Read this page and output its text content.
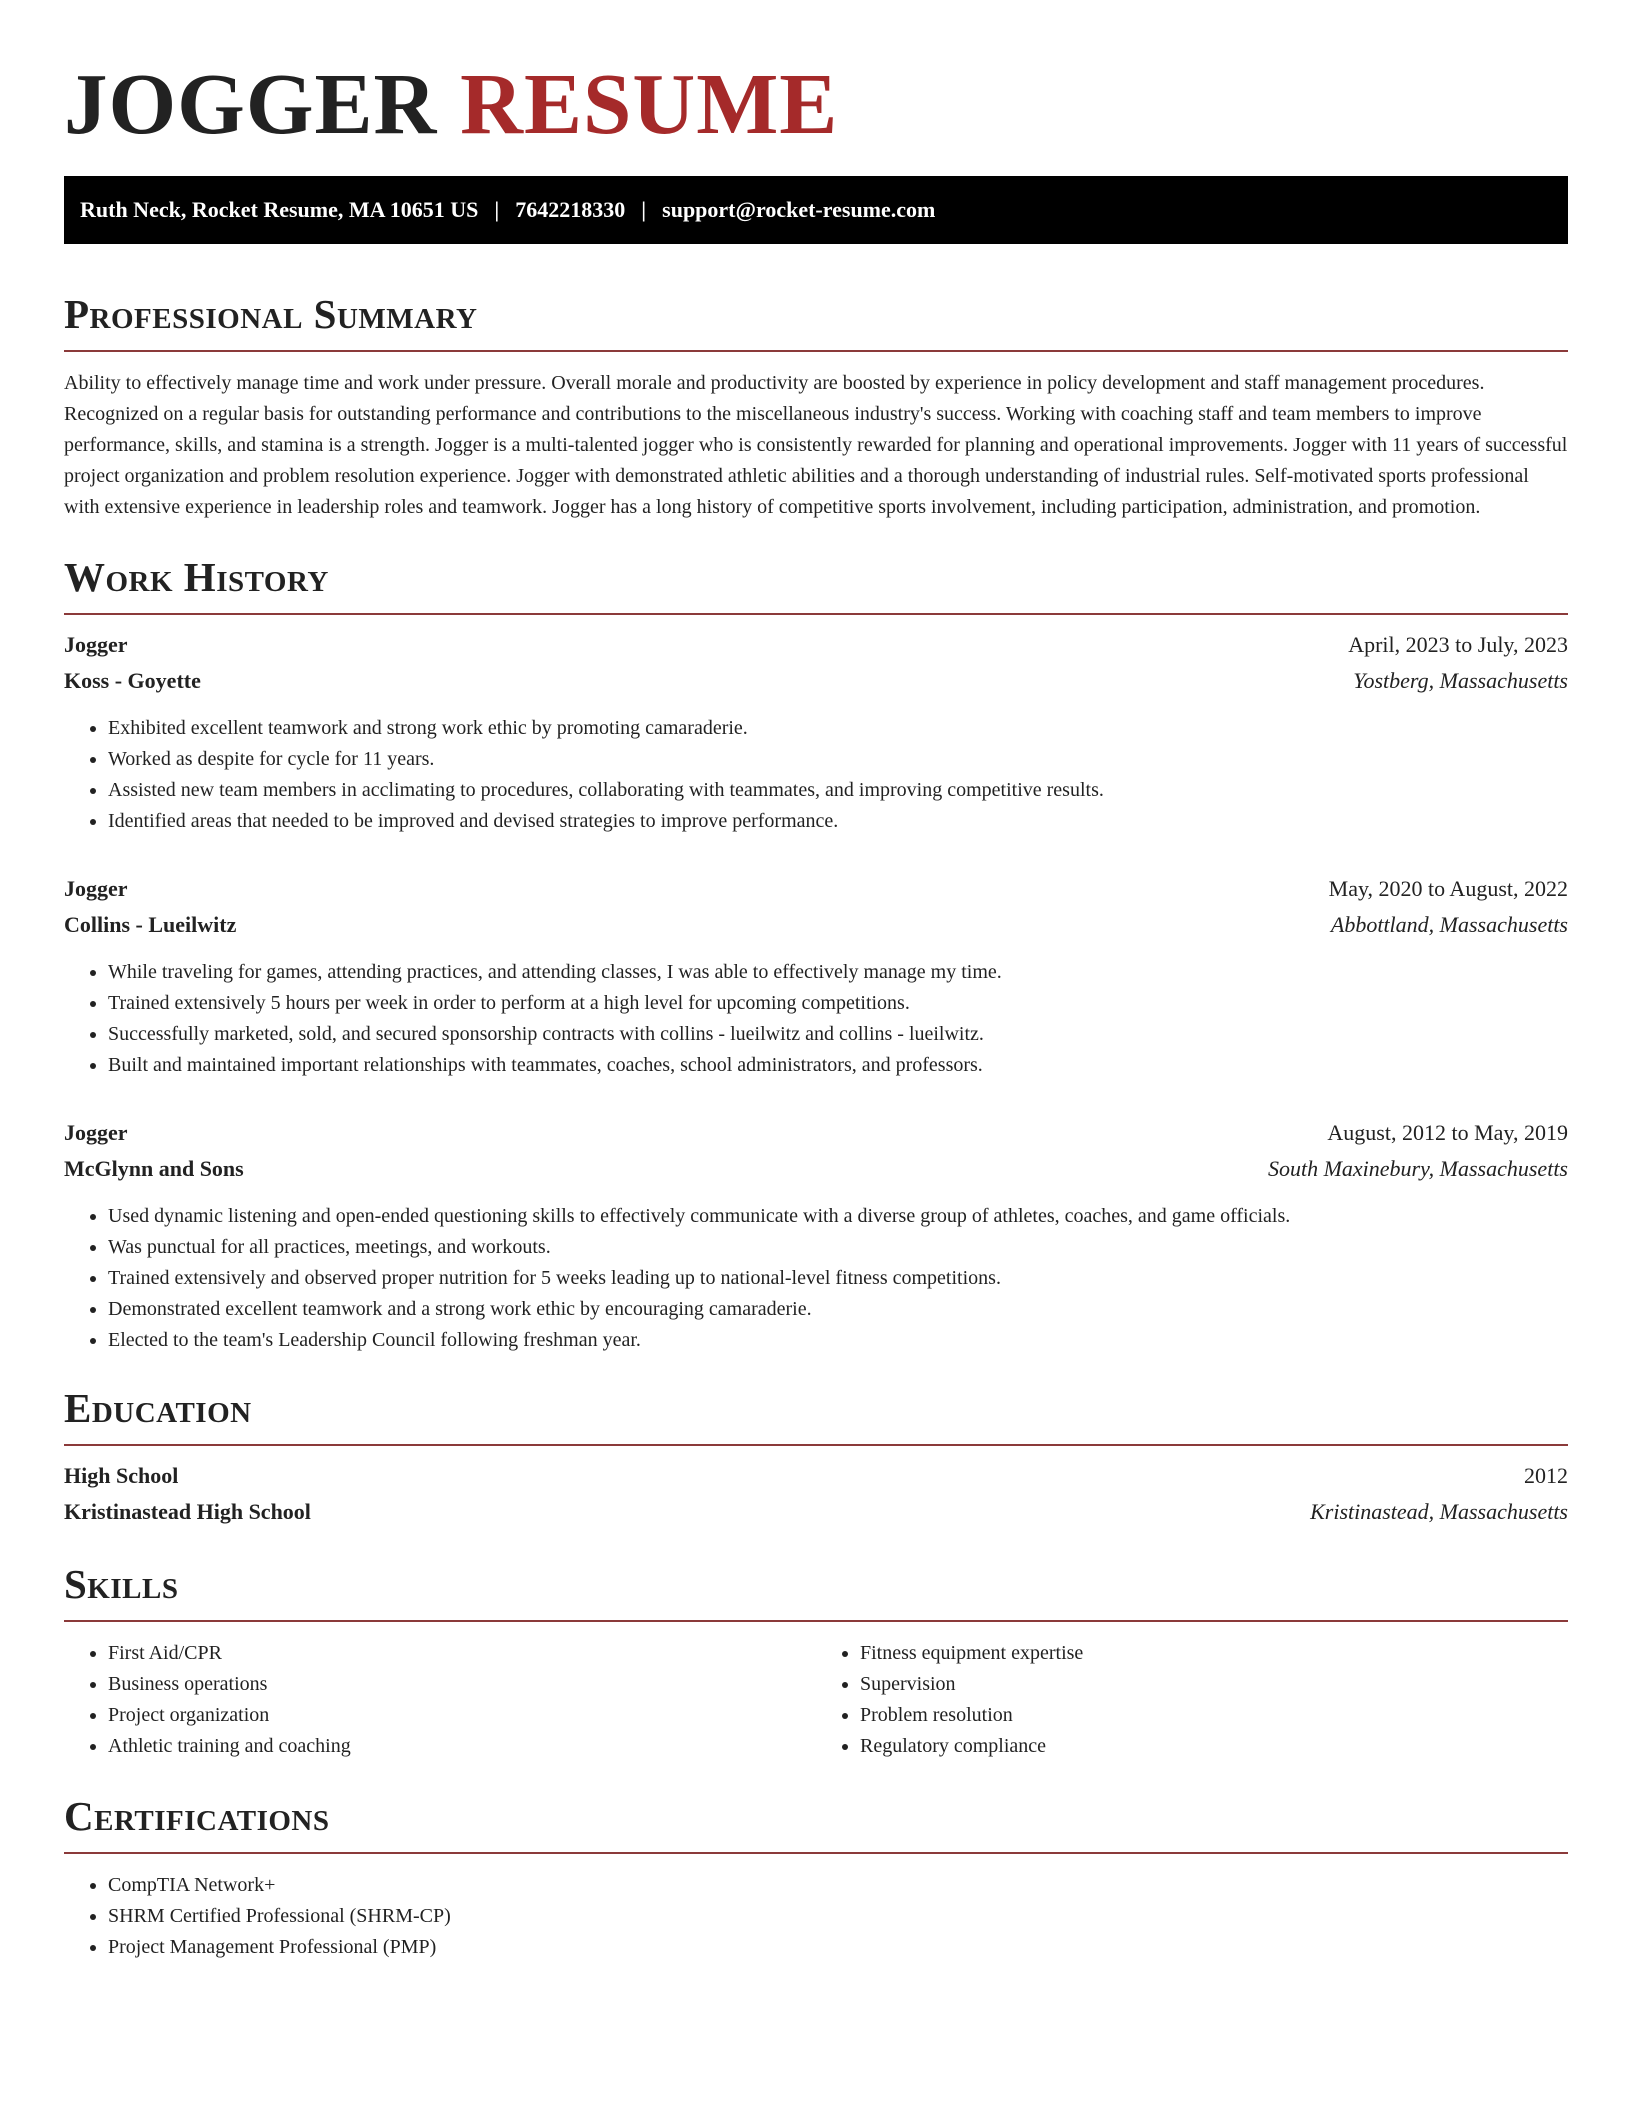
JOGGER RESUME
Ruth Neck, Rocket Resume, MA 10651 US | 7642218330 | support@rocket-resume.com
Professional Summary

Ability to effectively manage time and work under pressure. Overall morale and productivity are boosted by experience in policy development and staff management procedures. Recognized on a regular basis for outstanding performance and contributions to the miscellaneous industry's success. Working with coaching staff and team members to improve performance, skills, and stamina is a strength. Jogger is a multi-talented jogger who is consistently rewarded for planning and operational improvements. Jogger with 11 years of successful project organization and problem resolution experience. Jogger with demonstrated athletic abilities and a thorough understanding of industrial rules. Self-motivated sports professional with extensive experience in leadership roles and teamwork. Jogger has a long history of competitive sports involvement, including participation, administration, and promotion.

Work History
Jogger	April, 2023 to July, 2023
Koss - Goyette	Yostberg, Massachusetts
• Exhibited excellent teamwork and strong work ethic by promoting camaraderie.
• Worked as despite for cycle for 11 years.
• Assisted new team members in acclimating to procedures, collaborating with teammates, and improving competitive results.
• Identified areas that needed to be improved and devised strategies to improve performance.
Jogger	May, 2020 to August, 2022
Collins - Lueilwitz	Abbottland, Massachusetts
• While traveling for games, attending practices, and attending classes, I was able to effectively manage my time.
• Trained extensively 5 hours per week in order to perform at a high level for upcoming competitions.
• Successfully marketed, sold, and secured sponsorship contracts with collins - lueilwitz and collins - lueilwitz.
• Built and maintained important relationships with teammates, coaches, school administrators, and professors.
Jogger	August, 2012 to May, 2019
McGlynn and Sons	South Maxinebury, Massachusetts
• Used dynamic listening and open-ended questioning skills to effectively communicate with a diverse group of athletes, coaches, and game officials.
• Was punctual for all practices, meetings, and workouts.
• Trained extensively and observed proper nutrition for 5 weeks leading up to national-level fitness competitions.
• Demonstrated excellent teamwork and a strong work ethic by encouraging camaraderie.
• Elected to the team's Leadership Council following freshman year.
Education
High School	2012
Kristinastead High School	Kristinastead, Massachusetts
Skills
• First Aid/CPR
• Business operations
• Project organization
• Athletic training and coaching
• Fitness equipment expertise
• Supervision
• Problem resolution
• Regulatory compliance
Certifications
• CompTIA Network+
• SHRM Certified Professional (SHRM-CP)
• Project Management Professional (PMP)
